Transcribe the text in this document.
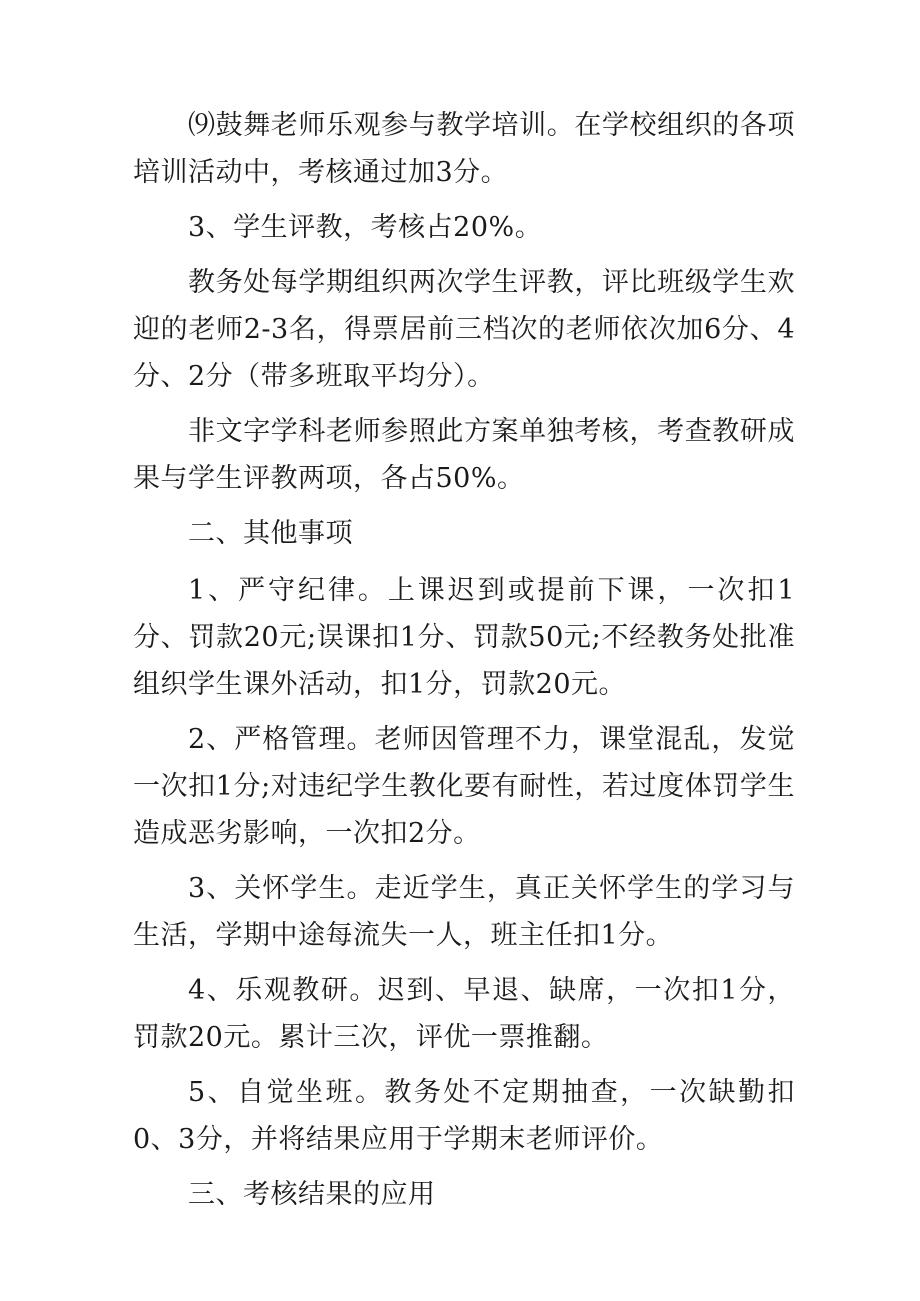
⑼鼓舞老师乐观参与教学培训。在学校组织的各项培训活动中，考核通过加3分。

3、学生评教，考核占20%。

教务处每学期组织两次学生评教，评比班级学生欢迎的老师2-3名，得票居前三档次的老师依次加6分、4分、2分（带多班取平均分）。

非文字学科老师参照此方案单独考核，考查教研成果与学生评教两项，各占50%。

二、其他事项

1、严守纪律。上课迟到或提前下课，一次扣1分、罚款20元;误课扣1分、罚款50元;不经教务处批准组织学生课外活动，扣1分，罚款20元。

2、严格管理。老师因管理不力，课堂混乱，发觉一次扣1分;对违纪学生教化要有耐性，若过度体罚学生造成恶劣影响，一次扣2分。

3、关怀学生。走近学生，真正关怀学生的学习与生活，学期中途每流失一人，班主任扣1分。

4、乐观教研。迟到、早退、缺席，一次扣1分，罚款20元。累计三次，评优一票推翻。

5、自觉坐班。教务处不定期抽查，一次缺勤扣0、3分，并将结果应用于学期末老师评价。

三、考核结果的应用
